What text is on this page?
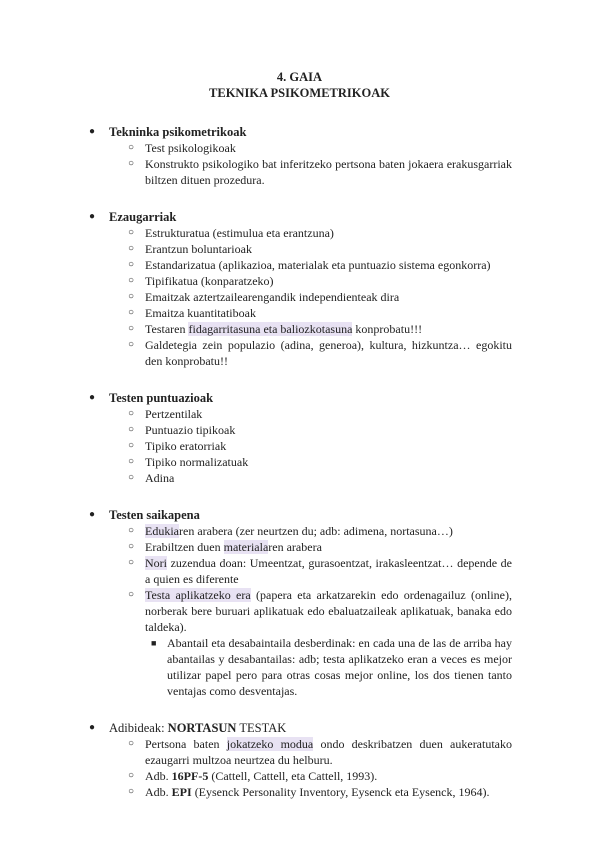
4. GAIA
TEKNIKA PSIKOMETRIKOAK
● Tekninka psikometrikoak
○ Test psikologikoak
○ Konstrukto psikologiko bat inferitzeko pertsona baten jokaera erakusgarriak biltzen dituen prozedura.
● Ezaugarriak
○ Estrukturatua (estimulua eta erantzuna)
○ Erantzun boluntarioak
○ Estandarizatua (aplikazioa, materialak eta puntuazio sistema egonkorra)
○ Tipifikatua (konparatzeko)
○ Emaitzak aztertzailearengandik independienteak dira
○ Emaitza kuantitatiboak
○ Testaren fidagarritasuna eta baliozkotasuna konprobatu!!!
○ Galdetegia zein populazio (adina, generoa), kultura, hizkuntza… egokitu den konprobatu!!
● Testen puntuazioak
○ Pertzentilak
○ Puntuazio tipikoak
○ Tipiko eratorriak
○ Tipiko normalizatuak
○ Adina
● Testen saikapena
○ Edukiaren arabera (zer neurtzen du; adb: adimena, nortasuna…)
○ Erabiltzen duen materialaren arabera
○ Nori zuzendua doan: Umeentzat, gurasoentzat, irakasleentzat… depende de a quien es diferente
○ Testa aplikatzeko era (papera eta arkatzarekin edo ordenagailuz (online), norberak bere buruari aplikatuak edo ebaluatzaileak aplikatuak, banaka edo taldeka).
■ Abantail eta desabaintaila desberdinak: en cada una de las de arriba hay abantailas y desabantailas: adb; testa aplikatzeko eran a veces es mejor utilizar papel pero para otras cosas mejor online, los dos tienen tanto ventajas como desventajas.
● Adibideak: NORTASUN TESTAK
○ Pertsona baten jokatzeko modua ondo deskribatzen duen aukeratutako ezaugarri multzoa neurtzea du helburu.
○ Adb. 16PF-5 (Cattell, Cattell, eta Cattell, 1993).
○ Adb. EPI (Eysenck Personality Inventory, Eysenck eta Eysenck, 1964).
